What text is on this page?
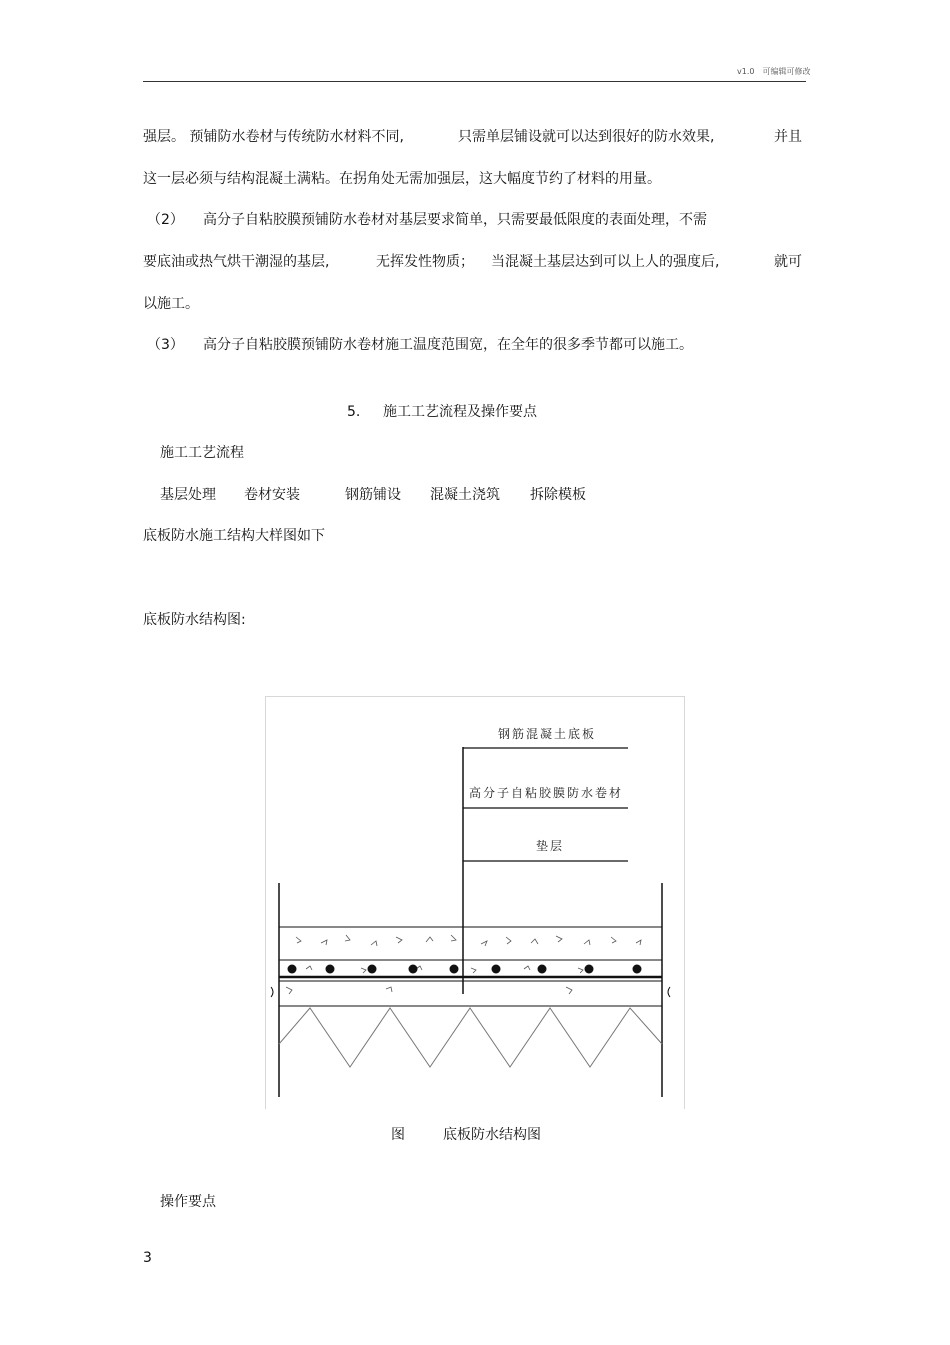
v1.0　可编辑可修改
强层。 预铺防水卷材与传统防水材料不同,	只需单层铺设就可以达到很好的防水效果,	并且
这一层必须与结构混凝土满粘。在拐角处无需加强层，这大幅度节约了材料的用量。
（2） 高分子自粘胶膜预铺防水卷材对基层要求简单，只需要最低限度的表面处理，不需
要底油或热气烘干潮湿的基层,	无挥发性物质； 当混凝土基层达到可以上人的强度后,	就可
以施工。
（3） 高分子自粘胶膜预铺防水卷材施工温度范围宽，在全年的很多季节都可以施工。
5. 施工工艺流程及操作要点
施工工艺流程
基层处理 卷材安装	钢筋铺设 混凝土浇筑 拆除模板
底板防水施工结构大样图如下
底板防水结构图:
钢筋混凝土底板
高分子自粘胶膜防水卷材
垫层
图	底板防水结构图
操作要点
3
